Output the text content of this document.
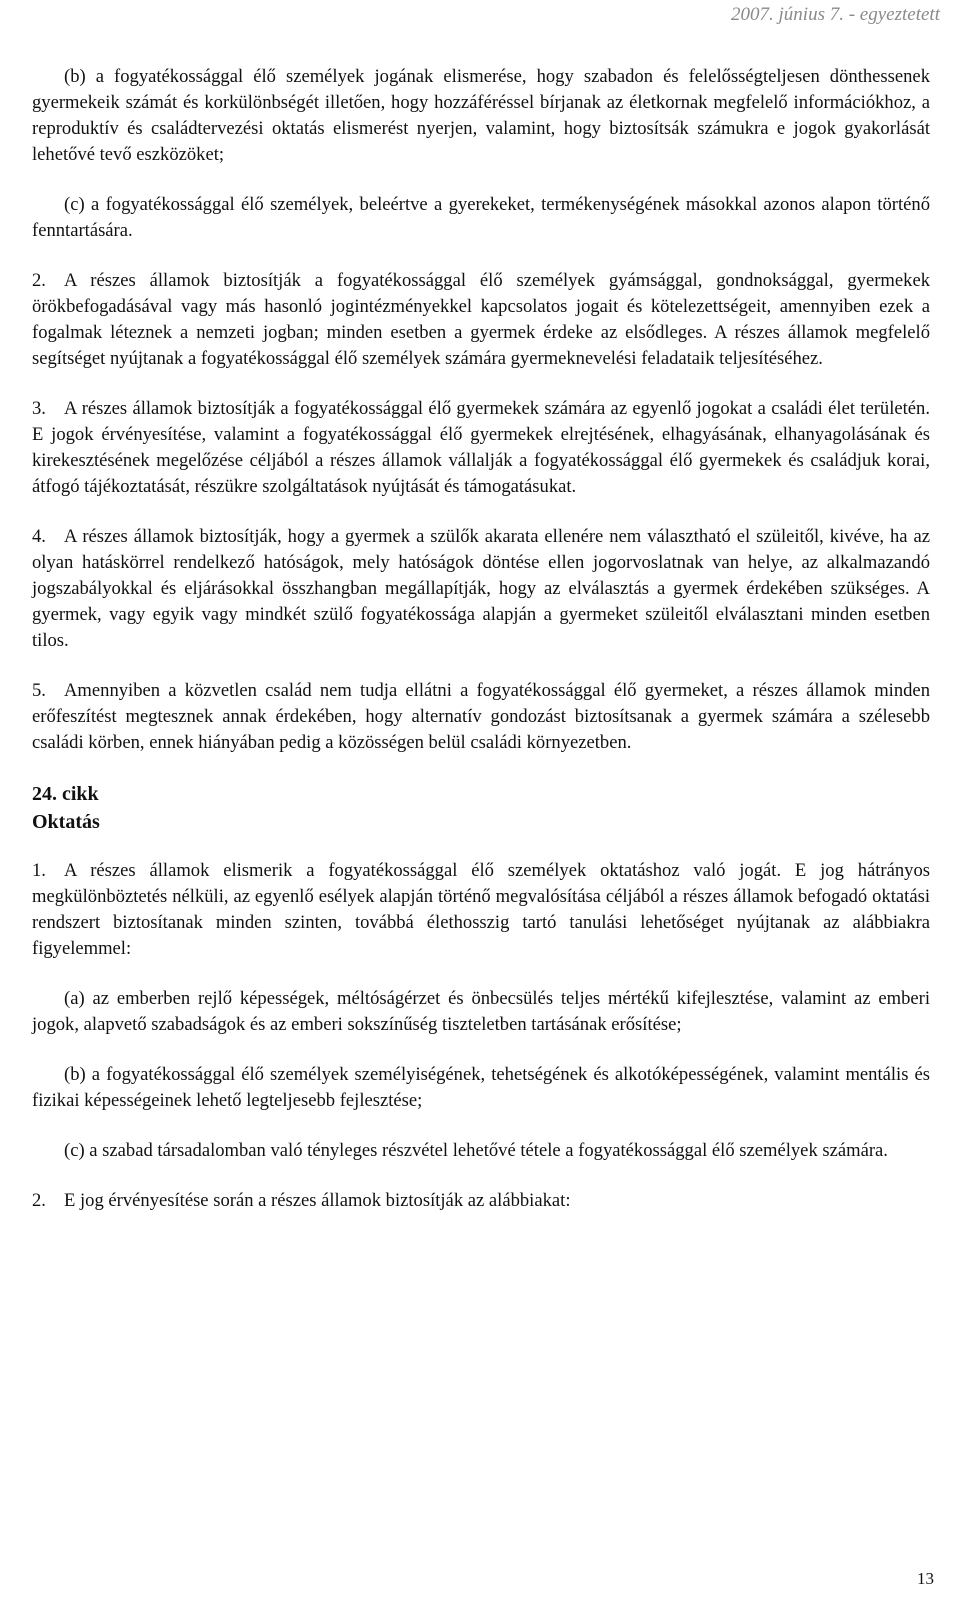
2007. június 7. - egyeztetett

(b) a fogyatékossággal élő személyek jogának elismerése, hogy szabadon és felelősségteljesen dönthessenek gyermekeik számát és korkülönbségét illetően, hogy hozzáféréssel bírjanak az életkornak megfelelő információkhoz, a reproduktív és családtervezési oktatás elismerést nyerjen, valamint, hogy biztosítsák számukra e jogok gyakorlását lehetővé tevő eszközöket;

(c) a fogyatékossággal élő személyek, beleértve a gyerekeket, termékenységének másokkal azonos alapon történő fenntartására.

2. A részes államok biztosítják a fogyatékossággal élő személyek gyámsággal, gondnoksággal, gyermekek örökbefogadásával vagy más hasonló jogintézményekkel kapcsolatos jogait és kötelezettségeit, amennyiben ezek a fogalmak léteznek a nemzeti jogban; minden esetben a gyermek érdeke az elsődleges. A részes államok megfelelő segítséget nyújtanak a fogyatékossággal élő személyek számára gyermeknevelési feladataik teljesítéséhez.

3. A részes államok biztosítják a fogyatékossággal élő gyermekek számára az egyenlő jogokat a családi élet területén. E jogok érvényesítése, valamint a fogyatékossággal élő gyermekek elrejtésének, elhagyásának, elhanyagolásának és kirekesztésének megelőzése céljából a részes államok vállalják a fogyatékossággal élő gyermekek és családjuk korai, átfogó tájékoztatását, részükre szolgáltatások nyújtását és támogatásukat.

4. A részes államok biztosítják, hogy a gyermek a szülők akarata ellenére nem választható el szüleitől, kivéve, ha az olyan hatáskörrel rendelkező hatóságok, mely hatóságok döntése ellen jogorvoslatnak van helye, az alkalmazandó jogszabályokkal és eljárásokkal összhangban megállapítják, hogy az elválasztás a gyermek érdekében szükséges. A gyermek, vagy egyik vagy mindkét szülő fogyatékossága alapján a gyermeket szüleitől elválasztani minden esetben tilos.

5. Amennyiben a közvetlen család nem tudja ellátni a fogyatékossággal élő gyermeket, a részes államok minden erőfeszítést megtesznek annak érdekében, hogy alternatív gondozást biztosítsanak a gyermek számára a szélesebb családi körben, ennek hiányában pedig a közösségen belül családi környezetben.

24. cikk
Oktatás

1. A részes államok elismerik a fogyatékossággal élő személyek oktatáshoz való jogát. E jog hátrányos megkülönböztetés nélküli, az egyenlő esélyek alapján történő megvalósítása céljából a részes államok befogadó oktatási rendszert biztosítanak minden szinten, továbbá élethosszig tartó tanulási lehetőséget nyújtanak az alábbiakra figyelemmel:

(a) az emberben rejlő képességek, méltóságérzet és önbecsülés teljes mértékű kifejlesztése, valamint az emberi jogok, alapvető szabadságok és az emberi sokszínűség tiszteletben tartásának erősítése;

(b) a fogyatékossággal élő személyek személyiségének, tehetségének és alkotóképességének, valamint mentális és fizikai képességeinek lehető legteljesebb fejlesztése;

(c) a szabad társadalomban való tényleges részvétel lehetővé tétele a fogyatékossággal élő személyek számára.

2. E jog érvényesítése során a részes államok biztosítják az alábbiakat:

13
